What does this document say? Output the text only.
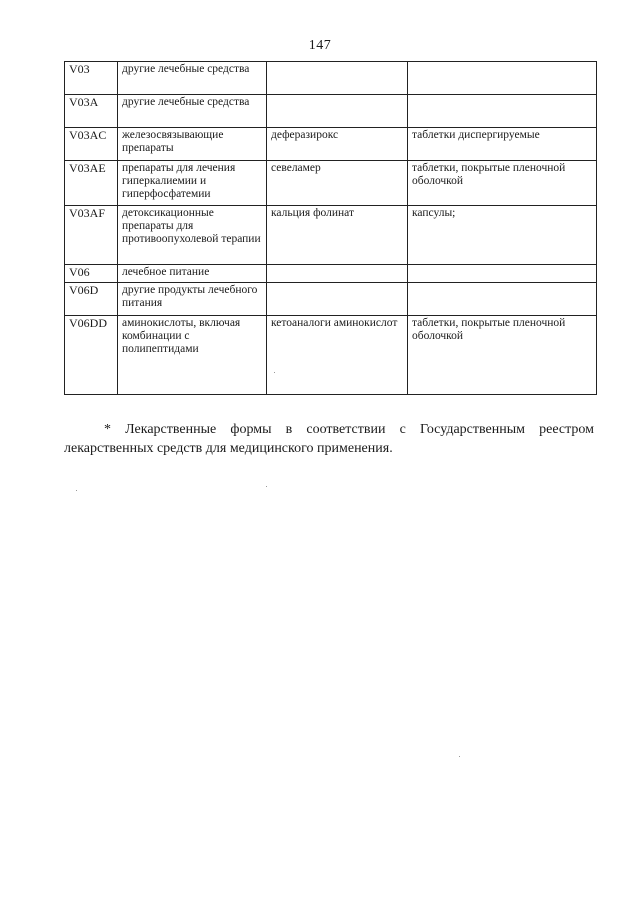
147
V03	другие лечебные средства		
V03A	другие лечебные средства		
V03AC	железосвязывающие препараты	деферазирокс	таблетки диспергируемые
V03AE	препараты для лечения гиперкалиемии и гиперфосфатемии	севеламер	таблетки, покрытые пленочной оболочкой
V03AF	детоксикационные препараты для противоопухолевой терапии	кальция фолинат	капсулы;
V06	лечебное питание		
V06D	другие продукты лечебного питания		
V06DD	аминокислоты, включая комбинации с полипептидами	кетоаналоги аминокислот	таблетки, покрытые пленочной оболочкой

* Лекарственные формы в соответствии с Государственным реестром лекарственных средств для медицинского применения.
